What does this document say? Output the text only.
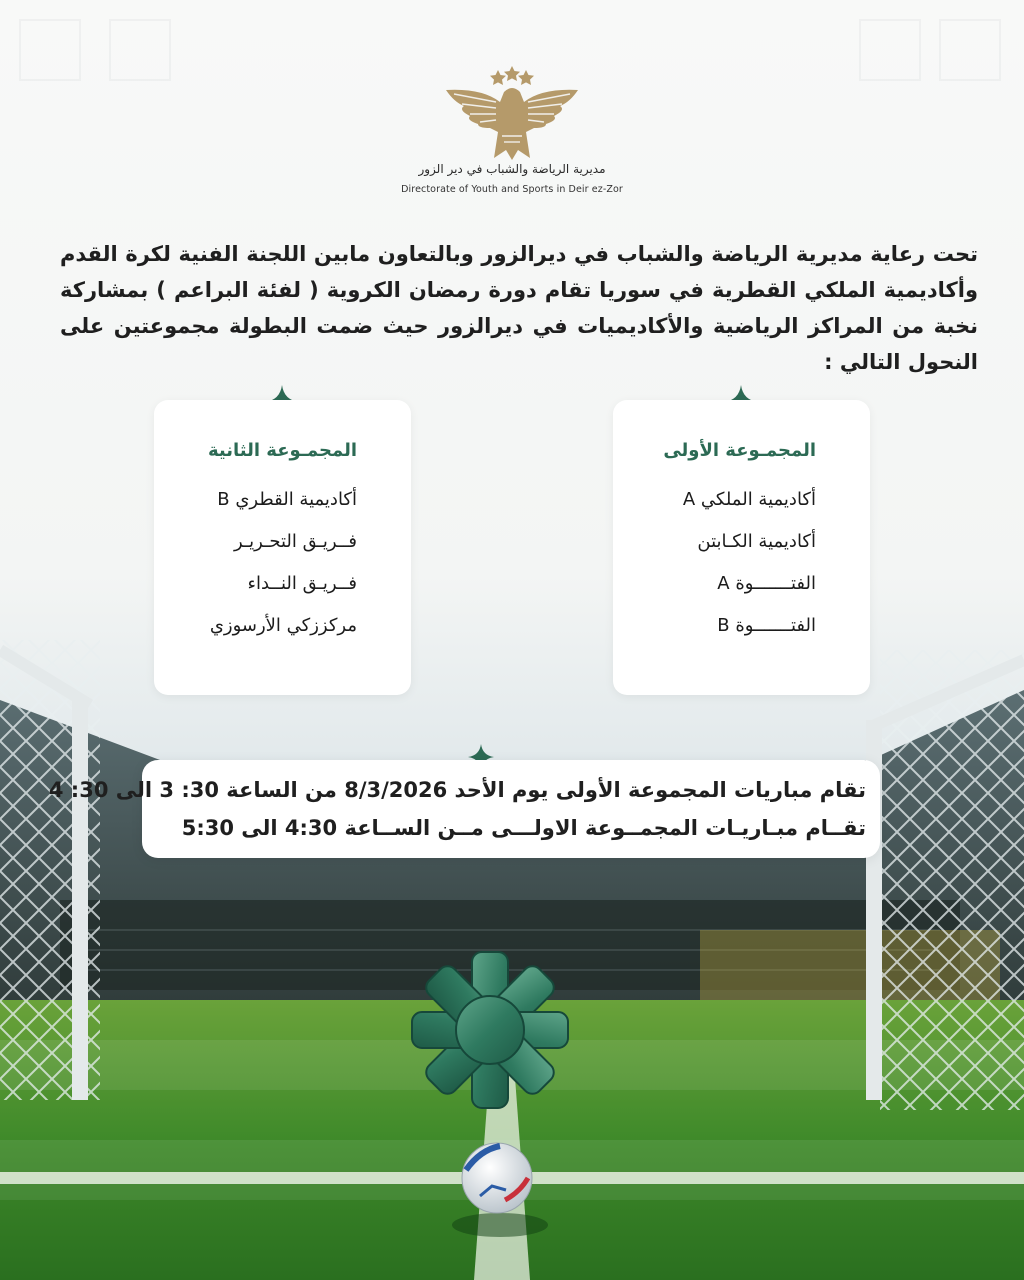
مديرية الرياضة والشباب في دير الزور
Directorate of Youth and Sports in Deir ez-Zor
تحت رعاية مديرية الرياضة والشباب في ديرالزور وبالتعاون مابين اللجنة الفنية لكرة القدم وأكاديمية الملكي القطرية في سوريا تقام دورة رمضان الكروية ( لفئة البراعم ) بمشاركة نخبة من المراكز الرياضية والأكاديميات في ديرالزور حيث ضمت البطولة مجموعتين على النحول التالي :
المجمـوعة الأولى
أكاديمية الملكي A
أكاديمية الكـابتن
الفتـــــــوة A
الفتـــــــوة B
المجمـوعة الثانية
أكاديمية القطري B
فــريـق التحـريـر
فــريـق النــداء
مركززكي الأرسوزي
تقام مباريات المجموعة الأولى يوم الأحد 8/3/2026 من الساعة 30: 3 الى 30: 4
تقــام مبـاريـات المجمــوعة الاولـــى مــن الســاعة 4:30 الى 5:30
